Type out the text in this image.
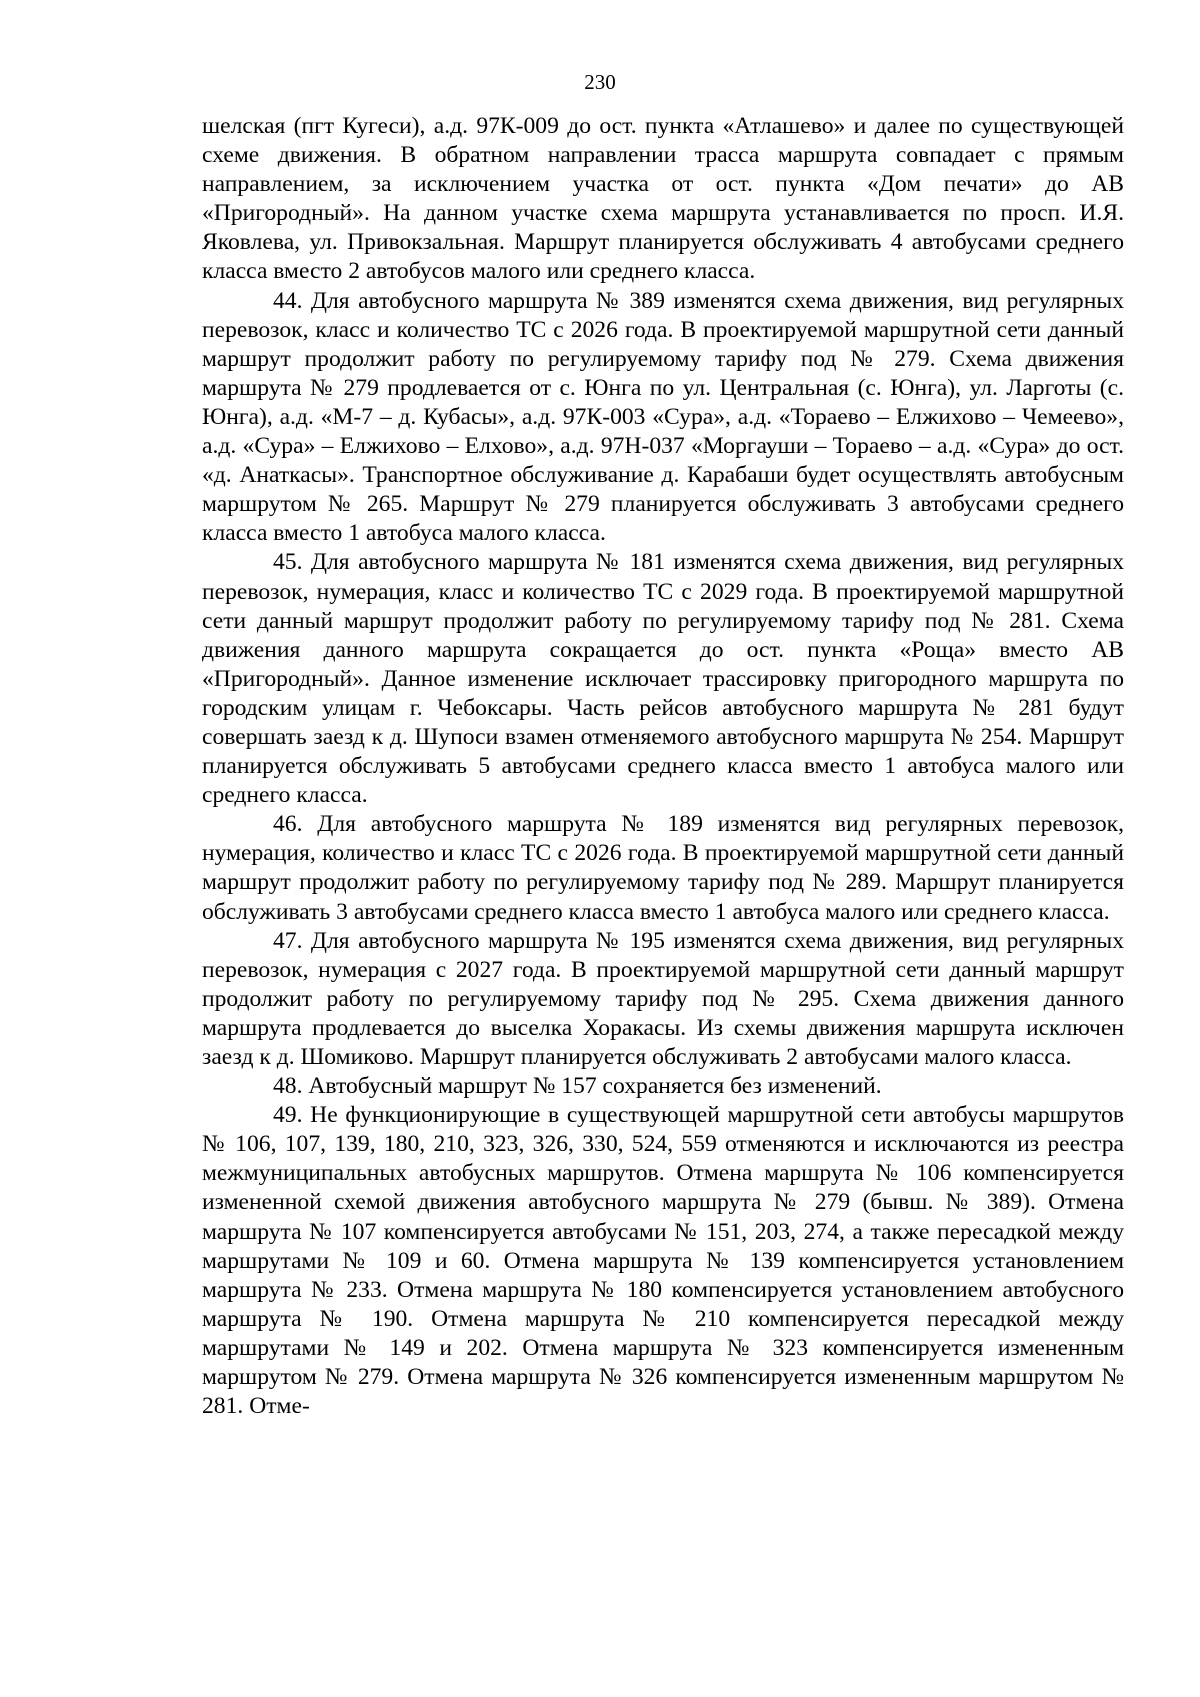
230

шелская (пгт Кугеси), а.д. 97К-009 до ост. пункта «Атлашево» и далее по существующей схеме движения. В обратном направлении трасса маршрута совпадает с прямым направлением, за исключением участка от ост. пункта «Дом печати» до АВ «Пригородный». На данном участке схема маршрута устанавливается по просп. И.Я. Яковлева, ул. Привокзальная. Маршрут планируется обслуживать 4 автобусами среднего класса вместо 2 автобусов малого или среднего класса.

44. Для автобусного маршрута № 389 изменятся схема движения, вид регулярных перевозок, класс и количество ТС с 2026 года. В проектируемой маршрутной сети данный маршрут продолжит работу по регулируемому тарифу под № 279. Схема движения маршрута № 279 продлевается от с. Юнга по ул. Центральная (с. Юнга), ул. Ларготы (с. Юнга), а.д. «М-7 – д. Кубасы», а.д. 97К-003 «Сура», а.д. «Тораево – Елжихово – Чемеево», а.д. «Сура» – Елжихово – Елхово», а.д. 97Н-037 «Моргауши – Тораево – а.д. «Сура» до ост. «д. Анаткасы». Транспортное обслуживание д. Карабаши будет осуществлять автобусным маршрутом № 265. Маршрут № 279 планируется обслуживать 3 автобусами среднего класса вместо 1 автобуса малого класса.

45. Для автобусного маршрута № 181 изменятся схема движения, вид регулярных перевозок, нумерация, класс и количество ТС с 2029 года. В проектируемой маршрутной сети данный маршрут продолжит работу по регулируемому тарифу под № 281. Схема движения данного маршрута сокращается до ост. пункта «Роща» вместо АВ «Пригородный». Данное изменение исключает трассировку пригородного маршрута по городским улицам г. Чебоксары. Часть рейсов автобусного маршрута № 281 будут совершать заезд к д. Шупоси взамен отменяемого автобусного маршрута № 254. Маршрут планируется обслуживать 5 автобусами среднего класса вместо 1 автобуса малого или среднего класса.

46. Для автобусного маршрута № 189 изменятся вид регулярных перевозок, нумерация, количество и класс ТС с 2026 года. В проектируемой маршрутной сети данный маршрут продолжит работу по регулируемому тарифу под № 289. Маршрут планируется обслуживать 3 автобусами среднего класса вместо 1 автобуса малого или среднего класса.

47. Для автобусного маршрута № 195 изменятся схема движения, вид регулярных перевозок, нумерация с 2027 года. В проектируемой маршрутной сети данный маршрут продолжит работу по регулируемому тарифу под № 295. Схема движения данного маршрута продлевается до выселка Хоракасы. Из схемы движения маршрута исключен заезд к д. Шомиково. Маршрут планируется обслуживать 2 автобусами малого класса.

48. Автобусный маршрут № 157 сохраняется без изменений.

49. Не функционирующие в существующей маршрутной сети автобусы маршрутов № 106, 107, 139, 180, 210, 323, 326, 330, 524, 559 отменяются и исключаются из реестра межмуниципальных автобусных маршрутов. Отмена маршрута № 106 компенсируется измененной схемой движения автобусного маршрута № 279 (бывш. № 389). Отмена маршрута № 107 компенсируется автобусами № 151, 203, 274, а также пересадкой между маршрутами № 109 и 60. Отмена маршрута № 139 компенсируется установлением маршрута № 233. Отмена маршрута № 180 компенсируется установлением автобусного маршрута № 190. Отмена маршрута № 210 компенсируется пересадкой между маршрутами № 149 и 202. Отмена маршрута № 323 компенсируется измененным маршрутом № 279. Отмена маршрута № 326 компенсируется измененным маршрутом № 281. Отме-
